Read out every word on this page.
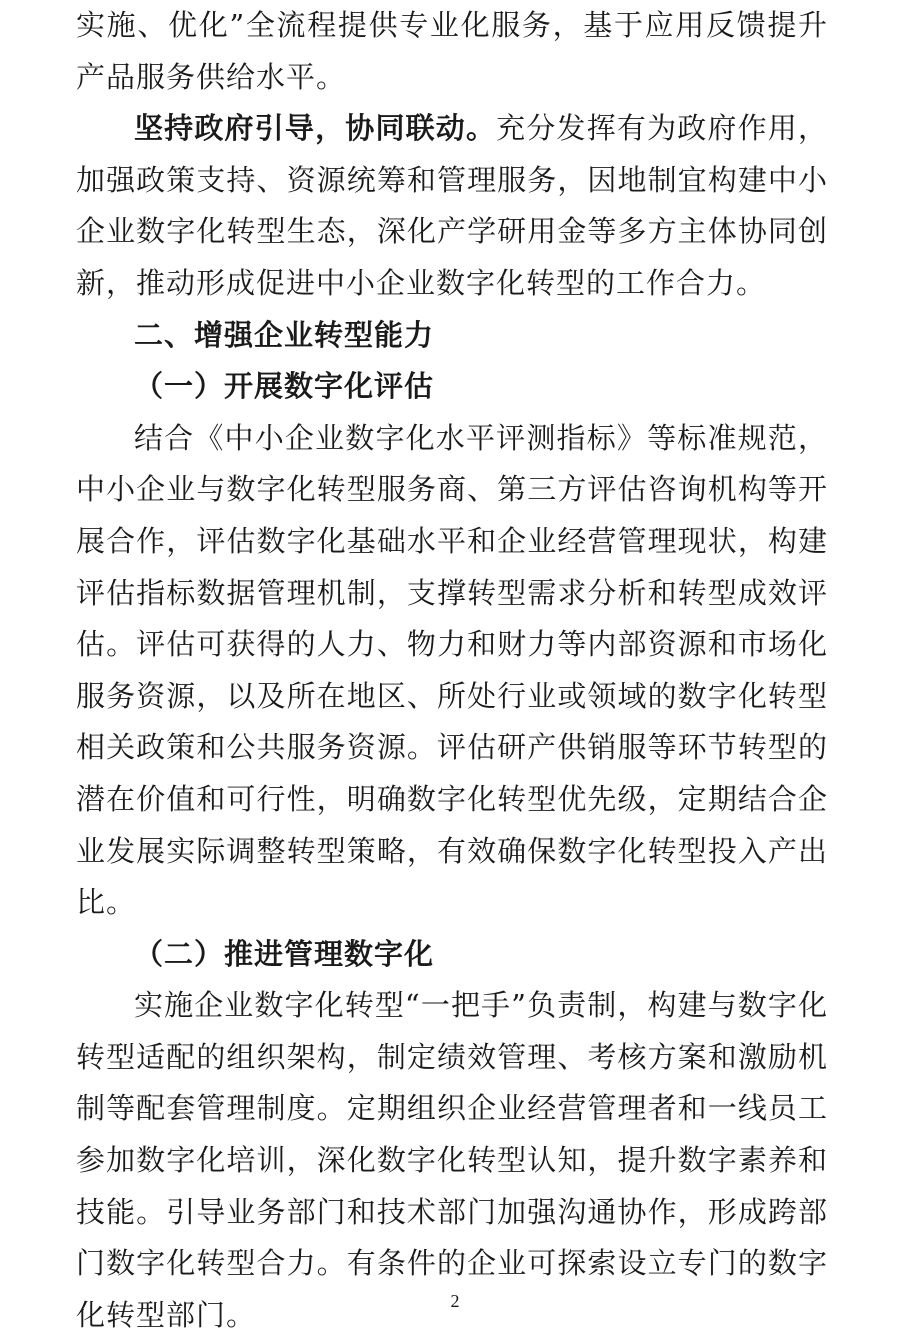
实施、优化”全流程提供专业化服务，基于应用反馈提升产品服务供给水平。

坚持政府引导，协同联动。充分发挥有为政府作用，加强政策支持、资源统筹和管理服务，因地制宜构建中小企业数字化转型生态，深化产学研用金等多方主体协同创新，推动形成促进中小企业数字化转型的工作合力。

二、增强企业转型能力

（一）开展数字化评估

结合《中小企业数字化水平评测指标》等标准规范，中小企业与数字化转型服务商、第三方评估咨询机构等开展合作，评估数字化基础水平和企业经营管理现状，构建评估指标数据管理机制，支撑转型需求分析和转型成效评估。评估可获得的人力、物力和财力等内部资源和市场化服务资源，以及所在地区、所处行业或领域的数字化转型相关政策和公共服务资源。评估研产供销服等环节转型的潜在价值和可行性，明确数字化转型优先级，定期结合企业发展实际调整转型策略，有效确保数字化转型投入产出比。

（二）推进管理数字化

实施企业数字化转型“一把手”负责制，构建与数字化转型适配的组织架构，制定绩效管理、考核方案和激励机制等配套管理制度。定期组织企业经营管理者和一线员工参加数字化培训，深化数字化转型认知，提升数字素养和技能。引导业务部门和技术部门加强沟通协作，形成跨部门数字化转型合力。有条件的企业可探索设立专门的数字化转型部门。	2
